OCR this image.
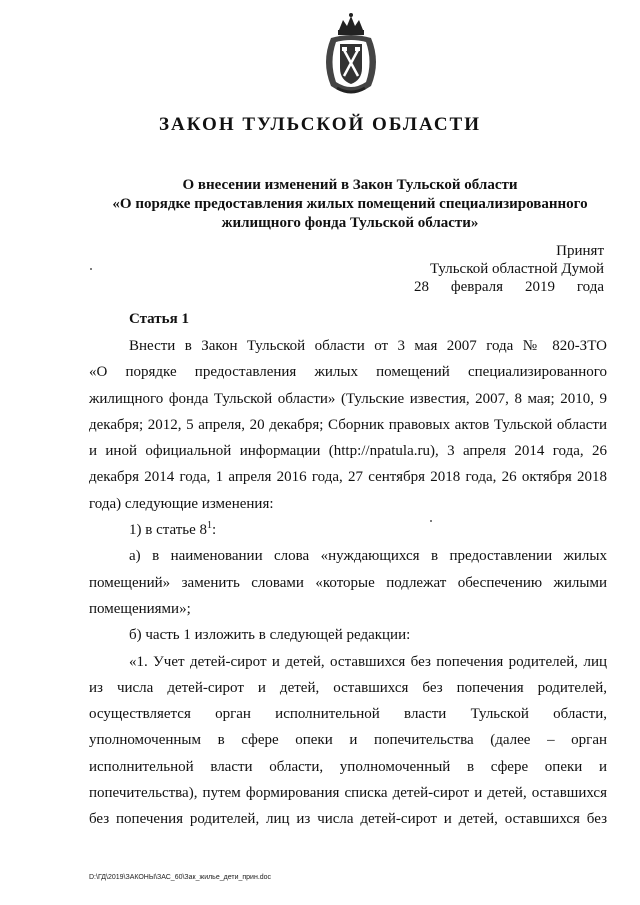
ЗАКОН ТУЛЬСКОЙ ОБЛАСТИ
О внесении изменений в Закон Тульской области
«О порядке предоставления жилых помещений специализированного
жилищного фонда Тульской области»
Принят
Тульской областной Думой
28 февраля 2019 года
Статья 1

Внести в Закон Тульской области от 3 мая 2007 года № 820-ЗТО

«О порядке предоставления жилых помещений специализированного

жилищного фонда Тульской области» (Тульские известия, 2007, 8 мая; 2010, 9

декабря; 2012, 5 апреля, 20 декабря; Сборник правовых актов Тульской области

и иной официальной информации (http://npatula.ru), 3 апреля 2014 года, 26

декабря 2014 года, 1 апреля 2016 года, 27 сентября 2018 года, 26 октября 2018

года) следующие изменения:

1) в статье $8^1$:

а) в наименовании слова «нуждающихся в предоставлении жилых

помещений» заменить словами «которые подлежат обеспечению жилыми

помещениями»;

б) часть 1 изложить в следующей редакции:

«1. Учет детей-сирот и детей, оставшихся без попечения родителей, лиц

из числа детей-сирот и детей, оставшихся без попечения родителей,

осуществляется орган исполнительной власти Тульской области,

уполномоченным в сфере опеки и попечительства (далее – орган

исполнительной власти области, уполномоченный в сфере опеки и

попечительства), путем формирования списка детей-сирот и детей, оставшихся

без попечения родителей, лиц из числа детей-сирот и детей, оставшихся без

D:\ГД\2019\ЗАКОНЫ\ЗАС_60\Зак_жилье_дети_прин.doc
